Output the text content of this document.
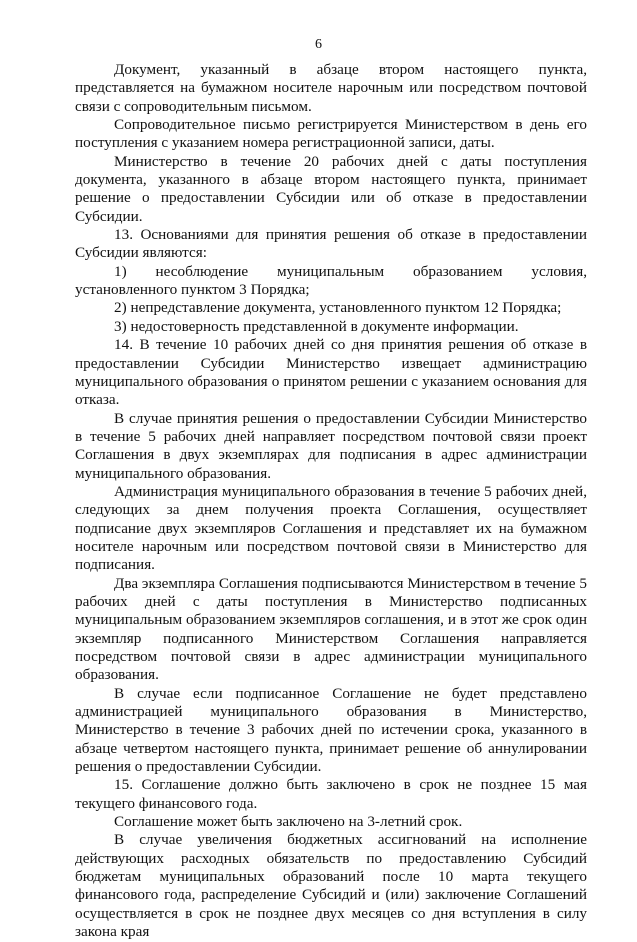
6

Документ, указанный в абзаце втором настоящего пункта, представляется на бумажном носителе нарочным или посредством почтовой связи с сопроводительным письмом.

Сопроводительное письмо регистрируется Министерством в день его поступления с указанием номера регистрационной записи, даты.

Министерство в течение 20 рабочих дней с даты поступления документа, указанного в абзаце втором настоящего пункта, принимает решение о предоставлении Субсидии или об отказе в предоставлении Субсидии.

13. Основаниями для принятия решения об отказе в предоставлении Субсидии являются:

1) несоблюдение муниципальным образованием условия, установленного пунктом 3 Порядка;

2) непредставление документа, установленного пунктом 12 Порядка;

3) недостоверность представленной в документе информации.

14. В течение 10 рабочих дней со дня принятия решения об отказе в предоставлении Субсидии Министерство извещает администрацию муниципального образования о принятом решении с указанием основания для отказа.

В случае принятия решения о предоставлении Субсидии Министерство в течение 5 рабочих дней направляет посредством почтовой связи проект Соглашения в двух экземплярах для подписания в адрес администрации муниципального образования.

Администрация муниципального образования в течение 5 рабочих дней, следующих за днем получения проекта Соглашения, осуществляет подписание двух экземпляров Соглашения и представляет их на бумажном носителе нарочным или посредством почтовой связи в Министерство для подписания.

Два экземпляра Соглашения подписываются Министерством в течение 5 рабочих дней с даты поступления в Министерство подписанных муниципальным образованием экземпляров соглашения, и в этот же срок один экземпляр подписанного Министерством Соглашения направляется посредством почтовой связи в адрес администрации муниципального образования.

В случае если подписанное Соглашение не будет представлено администрацией муниципального образования в Министерство, Министерство в течение 3 рабочих дней по истечении срока, указанного в абзаце четвертом настоящего пункта, принимает решение об аннулировании решения о предоставлении Субсидии.

15. Соглашение должно быть заключено в срок не позднее 15 мая текущего финансового года.

Соглашение может быть заключено на 3-летний срок.

В случае увеличения бюджетных ассигнований на исполнение действующих расходных обязательств по предоставлению Субсидий бюджетам муниципальных образований после 10 марта текущего финансового года, распределение Субсидий и (или) заключение Соглашений осуществляется в срок не позднее двух месяцев со дня вступления в силу закона края
